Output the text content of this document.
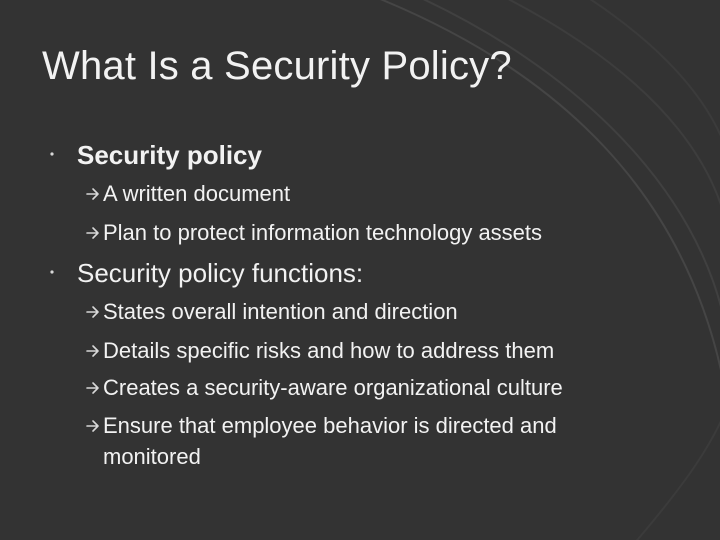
What Is a Security Policy?
Security policy
A written document
Plan to protect information technology assets
Security policy functions:
States overall intention and direction
Details specific risks and how to address them
Creates a security-aware organizational culture
Ensure that employee behavior is directed and
monitored
